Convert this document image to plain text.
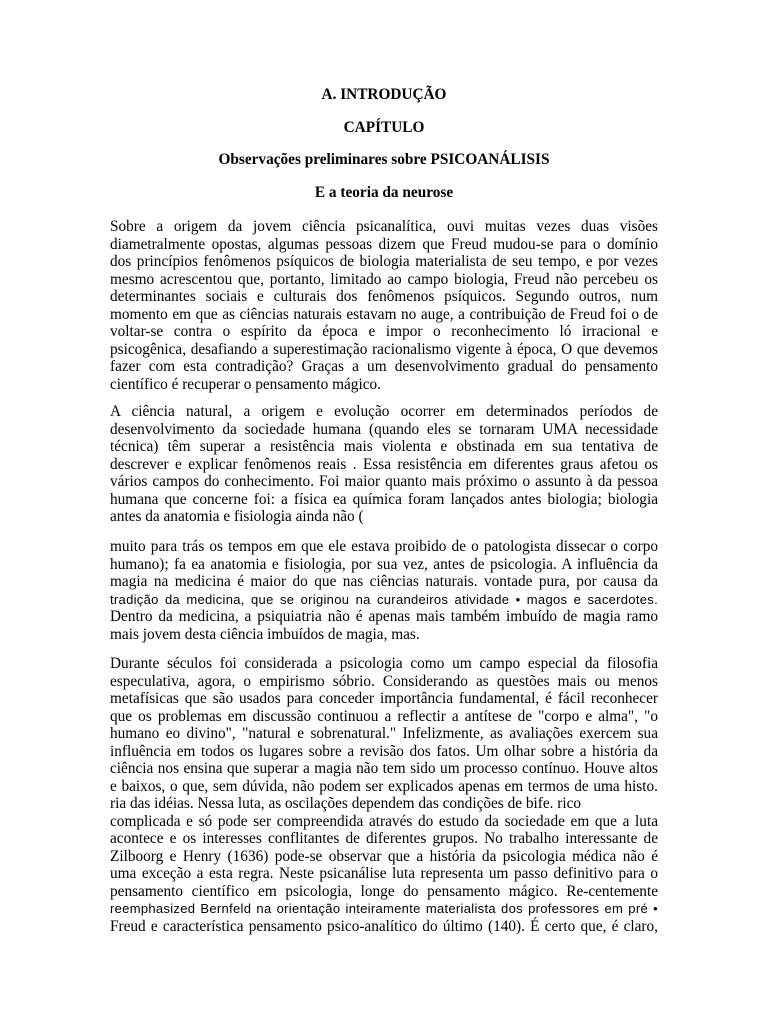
A. INTRODUÇÃO
CAPÍTULO
Observações preliminares sobre PSICOANÁLISIS
E a teoria da neurose
Sobre a origem da jovem ciência psicanalítica, ouvi muitas vezes duas visões
diametralmente opostas, algumas pessoas dizem que Freud mudou-se para o domínio
dos princípios fenômenos psíquicos de biologia materialista de seu tempo, e por vezes
mesmo acrescentou que, portanto, limitado ao campo biologia, Freud não percebeu os
determinantes sociais e culturais dos fenômenos psíquicos. Segundo outros, num
momento em que as ciências naturais estavam no auge, a contribuição de Freud foi o de
voltar-se contra o espírito da época e impor o reconhecimento ló irracional e
psicogênica, desafiando a superestimação racionalismo vigente à época, O que devemos
fazer com esta contradição? Graças a um desenvolvimento gradual do pensamento
científico é recuperar o pensamento mágico.
A ciência natural, a origem e evolução ocorrer em determinados períodos de
desenvolvimento da sociedade humana (quando eles se tornaram UMA necessidade
técnica) têm superar a resistência mais violenta e obstinada em sua tentativa de
descrever e explicar fenômenos reais . Essa resistência em diferentes graus afetou os
vários campos do conhecimento. Foi maior quanto mais próximo o assunto à da pessoa
humana que concerne foi: a física ea química foram lançados antes biologia; biologia
antes da anatomia e fisiologia ainda não (
muito para trás os tempos em que ele estava proibido de o patologista dissecar o corpo
humano); fa ea anatomia e fisiologia, por sua vez, antes de psicologia. A influência da
magia na medicina é maior do que nas ciências naturais. vontade pura, por causa da
tradição da medicina, que se originou na curandeiros atividade • magos e sacerdotes.
Dentro da medicina, a psiquiatria não é apenas mais também imbuído de magia ramo
mais jovem desta ciência imbuídos de magia, mas.
Durante séculos foi considerada a psicologia como um campo especial da filosofia
especulativa, agora, o empirismo sóbrio. Considerando as questões mais ou menos
metafísicas que são usados para conceder importância fundamental, é fácil reconhecer
que os problemas em discussão continuou a reflectir a antítese de "corpo e alma", "o
humano eo divino", "natural e sobrenatural." Infelizmente, as avaliações exercem sua
influência em todos os lugares sobre a revisão dos fatos. Um olhar sobre a história da
ciência nos ensina que superar a magia não tem sido um processo contínuo. Houve altos
e baixos, o que, sem dúvida, não podem ser explicados apenas em termos de uma histo.
ria das idéias. Nessa luta, as oscilações dependem das condições de bife. rico
complicada e só pode ser compreendida através do estudo da sociedade em que a luta
acontece e os interesses conflitantes de diferentes grupos. No trabalho interessante de
Zilboorg e Henry (1636) pode-se observar que a história da psicologia médica não é
uma exceção a esta regra. Neste psicanálise luta representa um passo definitivo para o
pensamento científico em psicologia, longe do pensamento mágico. Re-centemente
reemphasized Bernfeld na orientação inteiramente materialista dos professores em pré •
Freud e característica pensamento psico-analítico do último (140). É certo que, é claro,
